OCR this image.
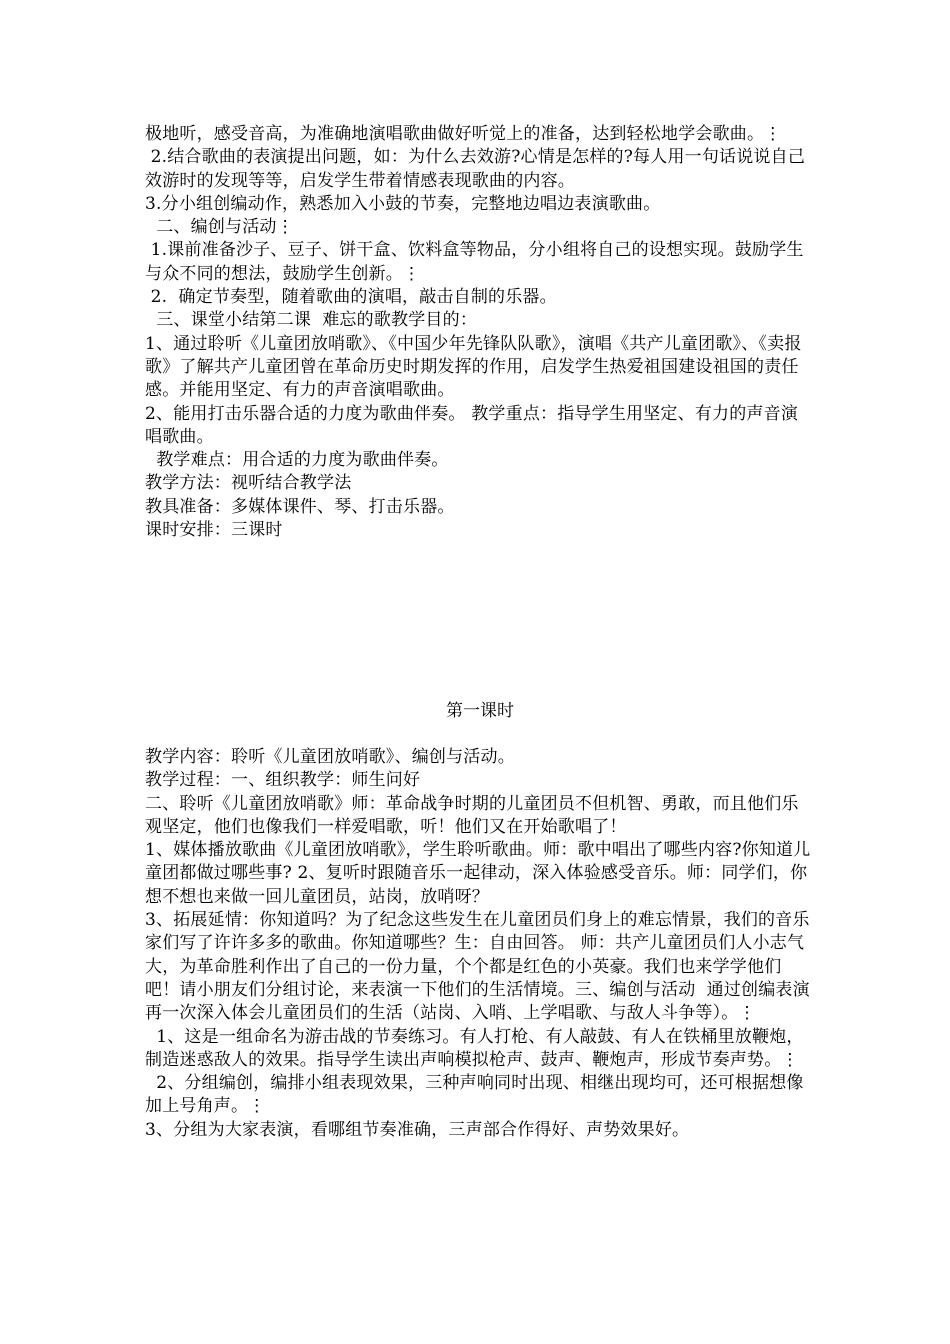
极地听，感受音高，为准确地演唱歌曲做好听觉上的准备，达到轻松地学会歌曲。⋮

2.结合歌曲的表演提出问题，如：为什么去效游?心情是怎样的?每人用一句话说说自己效游时的发现等等，启发学生带着情感表现歌曲的内容。

3.分小组创编动作，熟悉加入小鼓的节奏，完整地边唱边表演歌曲。

二、编创与活动⋮

1.课前准备沙子、豆子、饼干盒、饮料盒等物品，分小组将自己的设想实现。鼓励学生与众不同的想法，鼓励学生创新。⋮

2.  确定节奏型，随着歌曲的演唱，敲击自制的乐器。

三、课堂小结第二课  难忘的歌教学目的：

1、通过聆听《儿童团放哨歌》、《中国少年先锋队队歌》，演唱《共产儿童团歌》、《卖报歌》了解共产儿童团曾在革命历史时期发挥的作用，启发学生热爱祖国建设祖国的责任感。并能用坚定、有力的声音演唱歌曲。

2、能用打击乐器合适的力度为歌曲伴奏。 教学重点：指导学生用坚定、有力的声音演唱歌曲。

教学难点：用合适的力度为歌曲伴奏。

教学方法：视听结合教学法

教具准备：多媒体课件、琴、打击乐器。

课时安排：三课时

第一课时

教学内容：聆听《儿童团放哨歌》、编创与活动。

教学过程：一、组织教学：师生问好

二、聆听《儿童团放哨歌》师：革命战争时期的儿童团员不但机智、勇敢，而且他们乐观坚定，他们也像我们一样爱唱歌，听！他们又在开始歌唱了！

1、媒体播放歌曲《儿童团放哨歌》，学生聆听歌曲。师：歌中唱出了哪些内容?你知道儿童团都做过哪些事? 2、复听时跟随音乐一起律动，深入体验感受音乐。师：同学们，你想不想也来做一回儿童团员，站岗，放哨呀？

3、拓展延情：你知道吗？为了纪念这些发生在儿童团员们身上的难忘情景，我们的音乐家们写了许许多多的歌曲。你知道哪些？生：自由回答。 师：共产儿童团员们人小志气大，为革命胜利作出了自己的一份力量，个个都是红色的小英豪。我们也来学学他们吧！请小朋友们分组讨论，来表演一下他们的生活情境。三、编创与活动  通过创编表演再一次深入体会儿童团员们的生活（站岗、入哨、上学唱歌、与敌人斗争等）。⋮

1、这是一组命名为游击战的节奏练习。有人打枪、有人敲鼓、有人在铁桶里放鞭炮，制造迷惑敌人的效果。指导学生读出声响模拟枪声、鼓声、鞭炮声，形成节奏声势。⋮

2、分组编创，编排小组表现效果，三种声响同时出现、相继出现均可，还可根据想像加上号角声。⋮

3、分组为大家表演，看哪组节奏准确，三声部合作得好、声势效果好。
